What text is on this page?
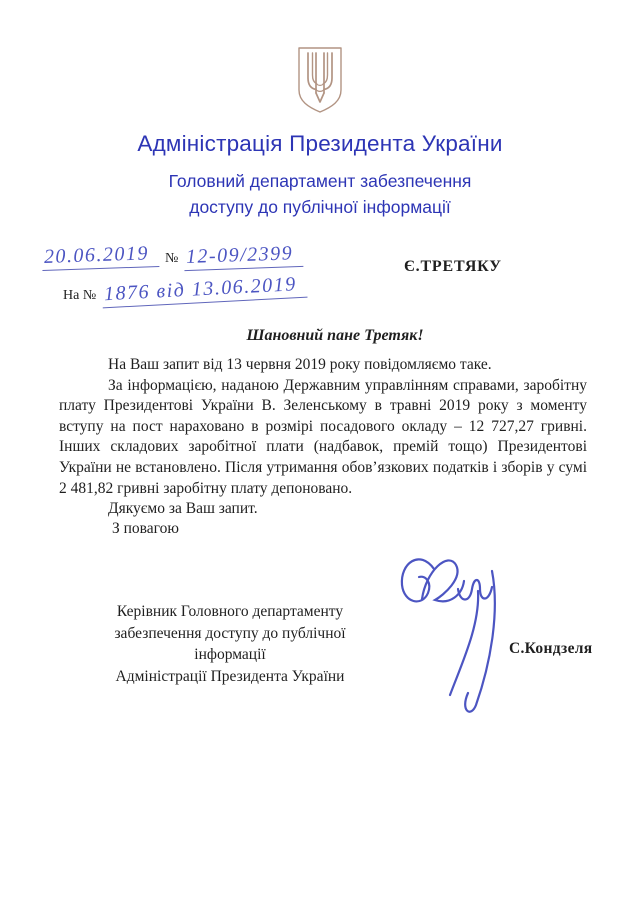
Адміністрація Президента України
Головний департамент забезпечення
доступу до публічної інформації
20.06.2019	№ 12-09/2399
На № 1876 від 13.06.2019
Є.ТРЕТЯКУ
Шановний пане Третяк!

На Ваш запит від 13 червня 2019 року повідомляємо таке.

За інформацією, наданою Державним управлінням справами, заробітну плату Президентові України В. Зеленському в травні 2019 року з моменту вступу на пост нараховано в розмірі посадового окладу – 12 727,27 гривні. Інших складових заробітної плати (надбавок, премій тощо) Президентові України не встановлено. Після утримання обов’язкових податків і зборів у сумі 2 481,82 гривні заробітну плату депоновано.

Дякуємо за Ваш запит.

З повагою
Керівник Головного департаменту
забезпечення доступу до публічної інформації
Адміністрації Президента України
С.Кондзеля
